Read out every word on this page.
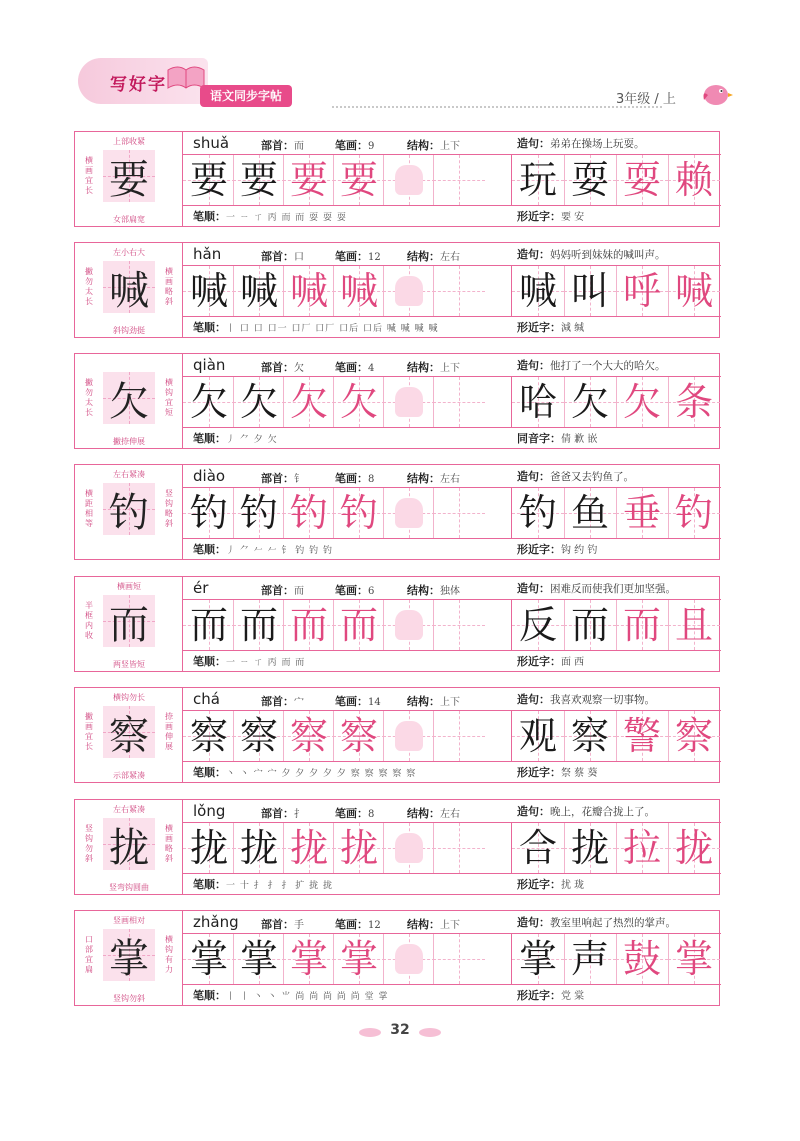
写好字
语文同步字帖	3年级 / 上
上部收紧
横画宜长 要
女部扁宽
shuǎ	部首：而	笔画：9	结构：上下	造句：弟弟在操场上玩耍。
要 要 要 要	玩 耍 耍 赖
笔顺：一 ㄧ ㄒ 丙 而 而 耍 耍 耍	形近字：要 安
左小右大
撇勿太长 喊	横画略斜
斜钩劲挺
hǎn	部首：口	笔画：12 结构：左右	造句：妈妈听到妹妹的喊叫声。
喊 喊 喊 喊	喊 叫 呼 喊
笔顺：丨 口 口 口一 口厂 口厂 口后 口后 喊 喊 喊 喊	形近字：減 缄
撇勿太长 欠	横钩宜短
撇捺伸展
qiàn	部首：欠	笔画：4	结构：上下	造句：他打了一个大大的哈欠。
欠 欠 欠 欠	哈 欠 欠 条
笔顺：丿 ⺈ 夕 欠	同音字：倩 歉 嵌
左右紧凑
横距相等 钓	竖钩略斜
diào	部首：钅	笔画：8	结构：左右	造句：爸爸又去钓鱼了。
钓 钓 钓 钓	钓 鱼 垂 钓
笔顺：丿 ⺈ 𠂉 𠂉 钅 钓 钓 钓	形近字：钩 约 钓
横画短
半框内收 而
两竖皆短
ér	部首：而	笔画：6	结构：独体	造句：困难反而使我们更加坚强。
而 而 而 而	反 而 而 且
笔顺：一 ㄧ ㄒ 丙 而 而	形近字：面 西
横钩勿长
撇画宜长 察	捺画伸展
示部紧凑
chá	部首：宀	笔画：14 结构：上下	造句：我喜欢观察一切事物。
察 察 察 察	观 察 警 察
笔顺：丶 丶 宀 宀 夕 夕 夕 夕 夕 察 察 察 察 察	形近字：祭 蔡 葵
左右紧凑
竖钩勿斜 拢	横画略斜
竖弯钩圆曲
lǒng	部首：扌	笔画：8	结构：左右	造句：晚上，花瓣合拢上了。
拢 拢 拢 拢	合 拢 拉 拢
笔顺：一 十 扌 扌 扌 扩 拢 拢	形近字：扰 珑
竖画相对
口部宜扁 掌	横钩有力
竖钩勿斜
zhǎng 部首：手	笔画：12 结构：上下	造句：教室里响起了热烈的掌声。
掌 掌 掌 掌	掌 声 鼓 掌
笔顺：丨 丨 丶 丶 ⺌ 尚 尚 尚 尚 尚 堂 掌	形近字：党 棠
32
